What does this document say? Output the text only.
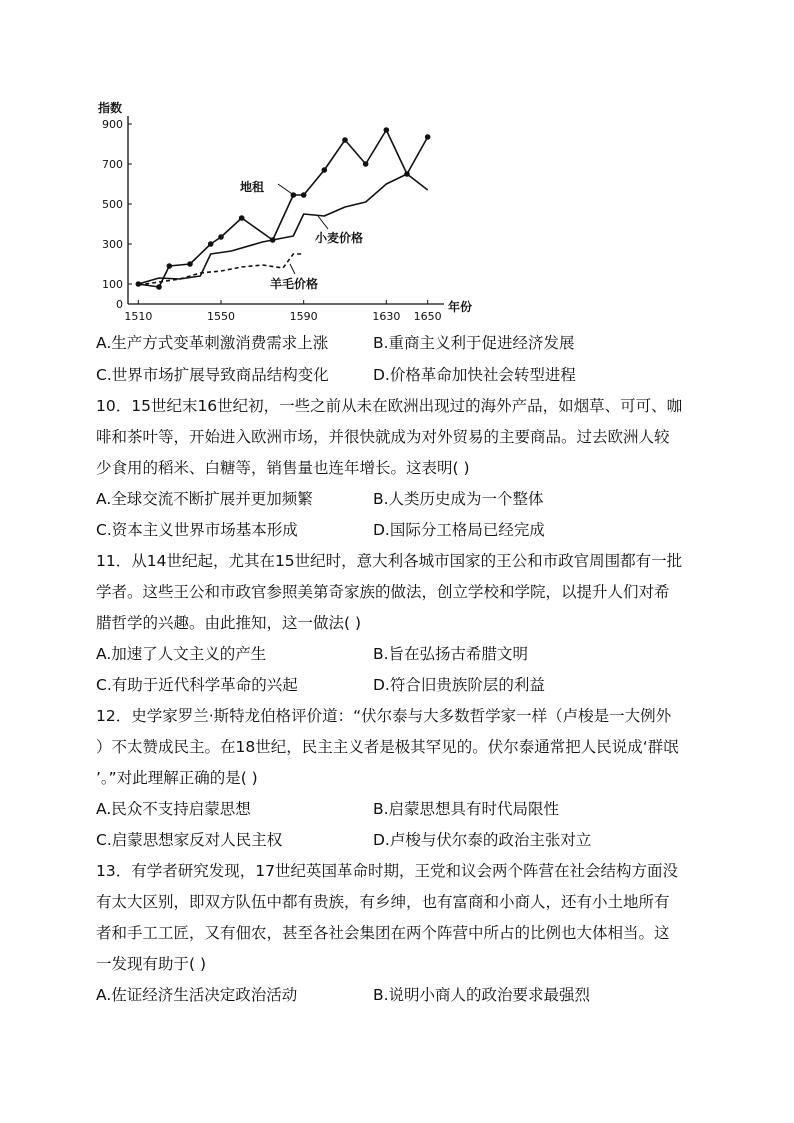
0
100
300
500
700
900
1510	1550	1590	1630 1650
指数
年份
地租
小麦价格
羊毛价格
A.生产方式变革刺激消费需求上涨	B.重商主义利于促进经济发展
C.世界市场扩展导致商品结构变化	D.价格革命加快社会转型进程
10．15世纪末16世纪初，一些之前从未在欧洲出现过的海外产品，如烟草、可可、咖
啡和茶叶等，开始进入欧洲市场，并很快就成为对外贸易的主要商品。过去欧洲人较
少食用的稻米、白糖等，销售量也连年增长。这表明( )
A.全球交流不断扩展并更加频繁	B.人类历史成为一个整体
C.资本主义世界市场基本形成	D.国际分工格局已经完成
11．从14世纪起，尤其在15世纪时，意大利各城市国家的王公和市政官周围都有一批
学者。这些王公和市政官参照美第奇家族的做法，创立学校和学院，以提升人们对希
腊哲学的兴趣。由此推知，这一做法( )
A.加速了人文主义的产生	B.旨在弘扬古希腊文明
C.有助于近代科学革命的兴起	D.符合旧贵族阶层的利益
12．史学家罗兰·斯特龙伯格评价道：“伏尔泰与大多数哲学家一样（卢梭是一大例外
）不太赞成民主。在18世纪，民主主义者是极其罕见的。伏尔泰通常把人民说成‘群氓
’。”对此理解正确的是( )
A.民众不支持启蒙思想	B.启蒙思想具有时代局限性
C.启蒙思想家反对人民主权	D.卢梭与伏尔泰的政治主张对立
13．有学者研究发现，17世纪英国革命时期，王党和议会两个阵营在社会结构方面没
有太大区别，即双方队伍中都有贵族，有乡绅，也有富商和小商人，还有小土地所有
者和手工工匠，又有佃农，甚至各社会集团在两个阵营中所占的比例也大体相当。这
一发现有助于( )
A.佐证经济生活决定政治活动	B.说明小商人的政治要求最强烈
